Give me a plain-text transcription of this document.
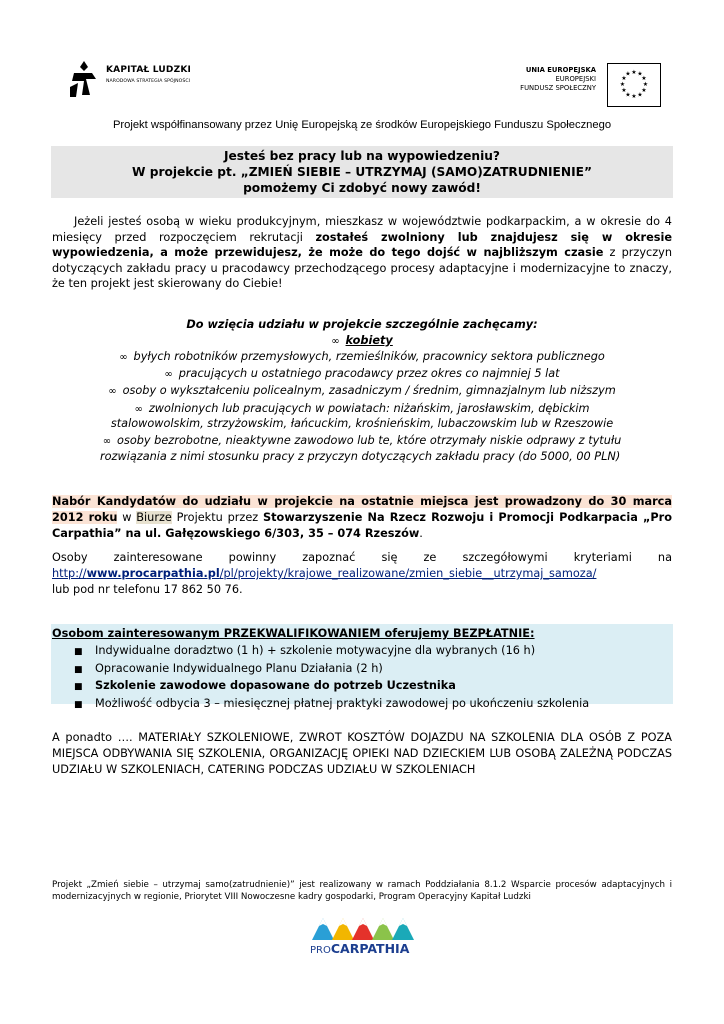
KAPITAŁ LUDZKI
NARODOWA STRATEGIA SPÓJNOŚCI
UNIA EUROPEJSKA
EUROPEJSKI
FUNDUSZ SPOŁECZNY
★ ★
★
★
★
★
★
★
★
★
★
★
Projekt współfinansowany przez Unię Europejską ze środków Europejskiego Funduszu Społecznego
Jesteś bez pracy lub na wypowiedzeniu?
W projekcie pt. „ZMIEŃ SIEBIE – UTRZYMAJ (SAMO)ZATRUDNIENIE”
pomożemy Ci zdobyć nowy zawód!

Jeżeli jesteś osobą w wieku produkcyjnym, mieszkasz w województwie podkarpackim, a w okresie do 4 miesięcy przed rozpoczęciem rekrutacji zostałeś zwolniony lub znajdujesz się w okresie wypowiedzenia, a może przewidujesz, że może do tego dojść w najbliższym czasie z przyczyn dotyczących zakładu pracy u pracodawcy przechodzącego procesy adaptacyjne i modernizacyjne to znaczy, że ten projekt jest skierowany do Ciebie!

Do wzięcia udziału w projekcie szczególnie zachęcamy:
∞ kobiety
∞ byłych robotników przemysłowych, rzemieślników, pracownicy sektora publicznego
∞ pracujących u ostatniego pracodawcy przez okres co najmniej 5 lat
∞ osoby o wykształceniu policealnym, zasadniczym / średnim, gimnazjalnym lub niższym
∞ zwolnionych lub pracujących w powiatach: niżańskim, jarosławskim, dębickim
stalowowolskim, strzyżowskim, łańcuckim, krośnieńskim, lubaczowskim lub w Rzeszowie
∞ osoby bezrobotne, nieaktywne zawodowo lub te, które otrzymały niskie odprawy z tytułu
rozwiązania z nimi stosunku pracy z przyczyn dotyczących zakładu pracy (do 5000, 00 PLN)
Nabór Kandydatów do udziału w projekcie na ostatnie miejsca jest prowadzony do 30 marca 2012 roku w Biurze Projektu przez Stowarzyszenie Na Rzecz Rozwoju i Promocji Podkarpacia „Pro Carpathia” na ul. Gałęzowskiego 6/303, 35 – 074 Rzeszów.
Osoby zainteresowane powinny zapoznać się ze szczegółowymi kryteriami na
http://www.procarpathia.pl/pl/projekty/krajowe_realizowane/zmien_siebie__utrzymaj_samoza/
lub pod nr telefonu 17 862 50 76.
Osobom zainteresowanym PRZEKWALIFIKOWANIEM oferujemy BEZPŁATNIE:
■ Indywidualne doradztwo (1 h) + szkolenie motywacyjne dla wybranych (16 h)
■ Opracowanie Indywidualnego Planu Działania (2 h)
■ Szkolenie zawodowe dopasowane do potrzeb Uczestnika
■ Możliwość odbycia 3 – miesięcznej płatnej praktyki zawodowej po ukończeniu szkolenia
A ponadto …. MATERIAŁY SZKOLENIOWE, ZWROT KOSZTÓW DOJAZDU NA SZKOLENIA DLA OSÓB Z POZA MIEJSCA ODBYWANIA SIĘ SZKOLENIA, ORGANIZACJĘ OPIEKI NAD DZIECKIEM LUB OSOBĄ ZALEŻNĄ PODCZAS UDZIAŁU W SZKOLENIACH, CATERING PODCZAS UDZIAŁU W SZKOLENIACH
Projekt „Zmień siebie – utrzymaj samo(zatrudnienie)” jest realizowany w ramach Poddziałania 8.1.2 Wsparcie procesów adaptacyjnych i modernizacyjnych w regionie, Priorytet VIII Nowoczesne kadry gospodarki, Program Operacyjny Kapitał Ludzki
PROCARPATHIA
